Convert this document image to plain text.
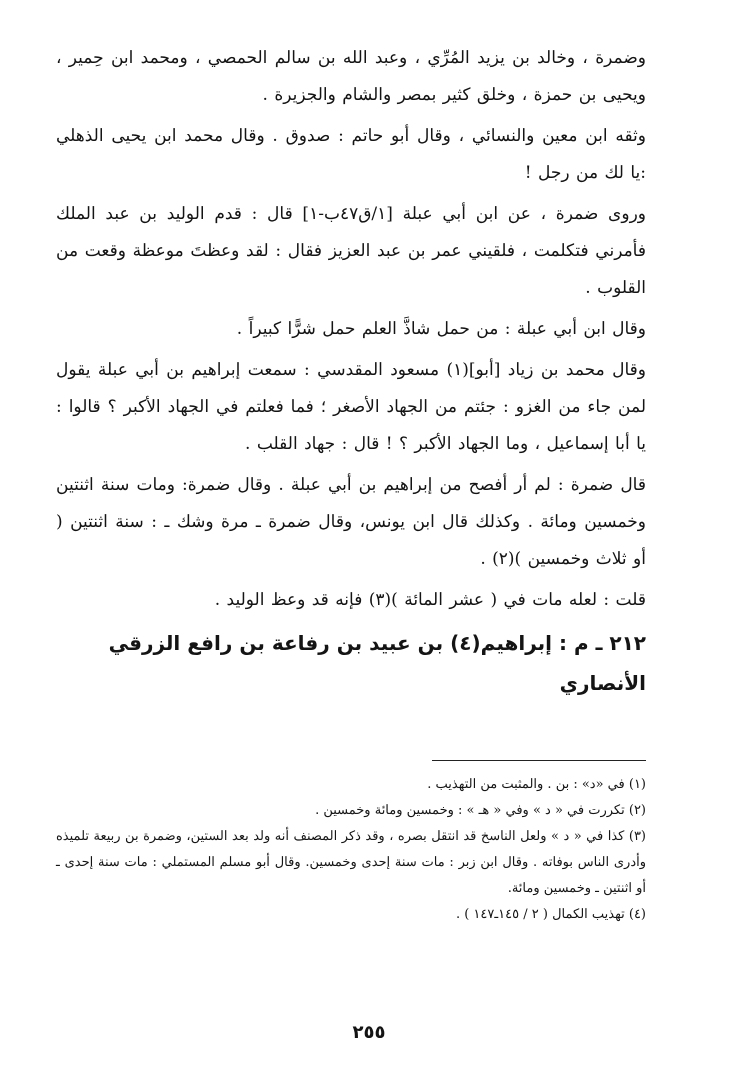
وضمرة ، وخالد بن يزيد المُرِّي ، وعبد الله بن سالم الحمصي ، ومحمد ابن حِمير ، ويحيى بن حمزة ، وخلق كثير بمصر والشام والجزيرة .

وثقه ابن معين والنسائي ، وقال أبو حاتم : صدوق . وقال محمد ابن يحيى الذهلي :يا لك من رجل !

وروى ضمرة ، عن ابن أبي عبلة [١/ق٤٧ب-١] قال : قدم الوليد بن عبد الملك فأمرني فتكلمت ، فلقيني عمر بن عبد العزيز فقال : لقد وعظتَ موعظة وقعت من القلوب .

وقال ابن أبي عبلة : من حمل شاذَّ العلم حمل شرًّا كبيراً .

وقال محمد بن زياد [أبو](١) مسعود المقدسي : سمعت إبراهيم بن أبي عبلة يقول لمن جاء من الغزو : جئتم من الجهاد الأصغر ؛ فما فعلتم في الجهاد الأكبر ؟ قالوا : يا أبا إسماعيل ، وما الجهاد الأكبر ؟ ! قال : جهاد القلب .

قال ضمرة : لم أر أفصح من إبراهيم بن أبي عبلة . وقال ضمرة: ومات سنة اثنتين وخمسين ومائة . وكذلك قال ابن يونس، وقال ضمرة ـ مرة وشك ـ : سنة اثنتين ( أو ثلاث وخمسين )(٢) .

قلت : لعله مات في ( عشر المائة )(٣) فإنه قد وعظ الوليد .

٢١٢ ـ م : إبراهيم(٤) بن عبيد بن رفاعة بن رافع الزرقي الأنصاري

(١) في «د» : بن . والمثبت من التهذيب .

(٢) تكررت في « د » وفي « هـ » : وخمسين ومائة وخمسين .

(٣) كذا في « د » ولعل الناسخ قد انتقل بصره ، وقد ذكر المصنف أنه ولد بعد الستين، وضمرة بن ربيعة تلميذه وأدرى الناس بوفاته . وقال ابن زبر : مات سنة إحدى وخمسين. وقال أبو مسلم المستملي : مات سنة إحدى ـ أو اثنتين ـ وخمسين ومائة.

(٤) تهذيب الكمال ( ٢ / ١٤٥ـ١٤٧ ) .

٢٥٥
